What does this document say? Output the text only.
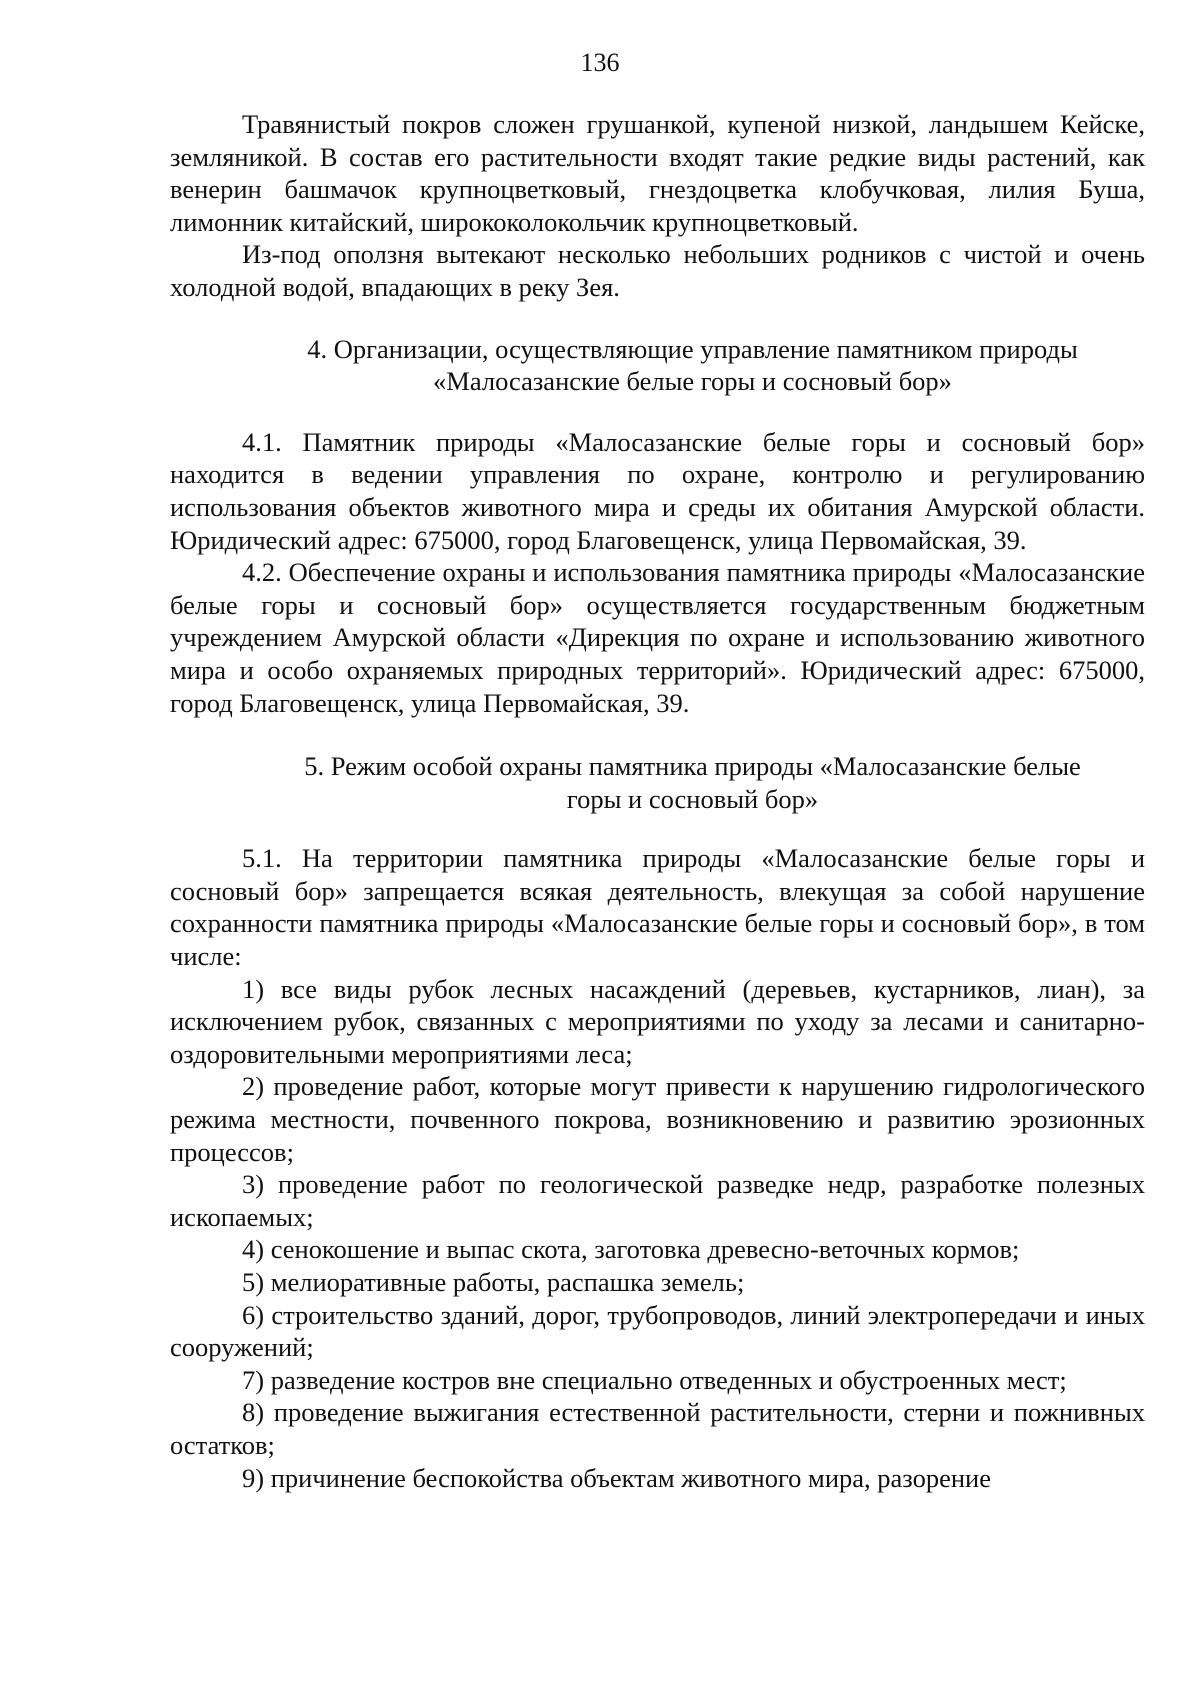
136

Травянистый покров сложен грушанкой, купеной низкой, ландышем Кейске, земляникой. В состав его растительности входят такие редкие виды растений, как венерин башмачок крупноцветковый, гнездоцветка клобучковая, лилия Буша, лимонник китайский, ширококолокольчик крупноцветковый.

Из-под оползня вытекают несколько небольших родников с чистой и очень холодной водой, впадающих в реку Зея.

4. Организации, осуществляющие управление памятником природы

«Малосазанские белые горы и сосновый бор»

4.1. Памятник природы «Малосазанские белые горы и сосновый бор» находится в ведении управления по охране, контролю и регулированию использования объектов животного мира и среды их обитания Амурской области. Юридический адрес: 675000, город Благовещенск, улица Первомайская, 39.

4.2. Обеспечение охраны и использования памятника природы «Малосазанские белые горы и сосновый бор» осуществляется государственным бюджетным учреждением Амурской области «Дирекция по охране и использованию животного мира и особо охраняемых природных территорий». Юридический адрес: 675000, город Благовещенск, улица Первомайская, 39.

5. Режим особой охраны памятника природы «Малосазанские белые

горы и сосновый бор»

5.1. На территории памятника природы «Малосазанские белые горы и сосновый бор» запрещается всякая деятельность, влекущая за собой нарушение сохранности памятника природы «Малосазанские белые горы и сосновый бор», в том числе:

1) все виды рубок лесных насаждений (деревьев, кустарников, лиан), за исключением рубок, связанных с мероприятиями по уходу за лесами и санитарно-оздоровительными мероприятиями леса;

2) проведение работ, которые могут привести к нарушению гидрологического режима местности, почвенного покрова, возникновению и развитию эрозионных процессов;

3) проведение работ по геологической разведке недр, разработке полезных ископаемых;

4) сенокошение и выпас скота, заготовка древесно-веточных кормов;

5) мелиоративные работы, распашка земель;

6) строительство зданий, дорог, трубопроводов, линий электропередачи и иных сооружений;

7) разведение костров вне специально отведенных и обустроенных мест;

8) проведение выжигания естественной растительности, стерни и пожнивных остатков;

9) причинение беспокойства объектам животного мира, разорение
